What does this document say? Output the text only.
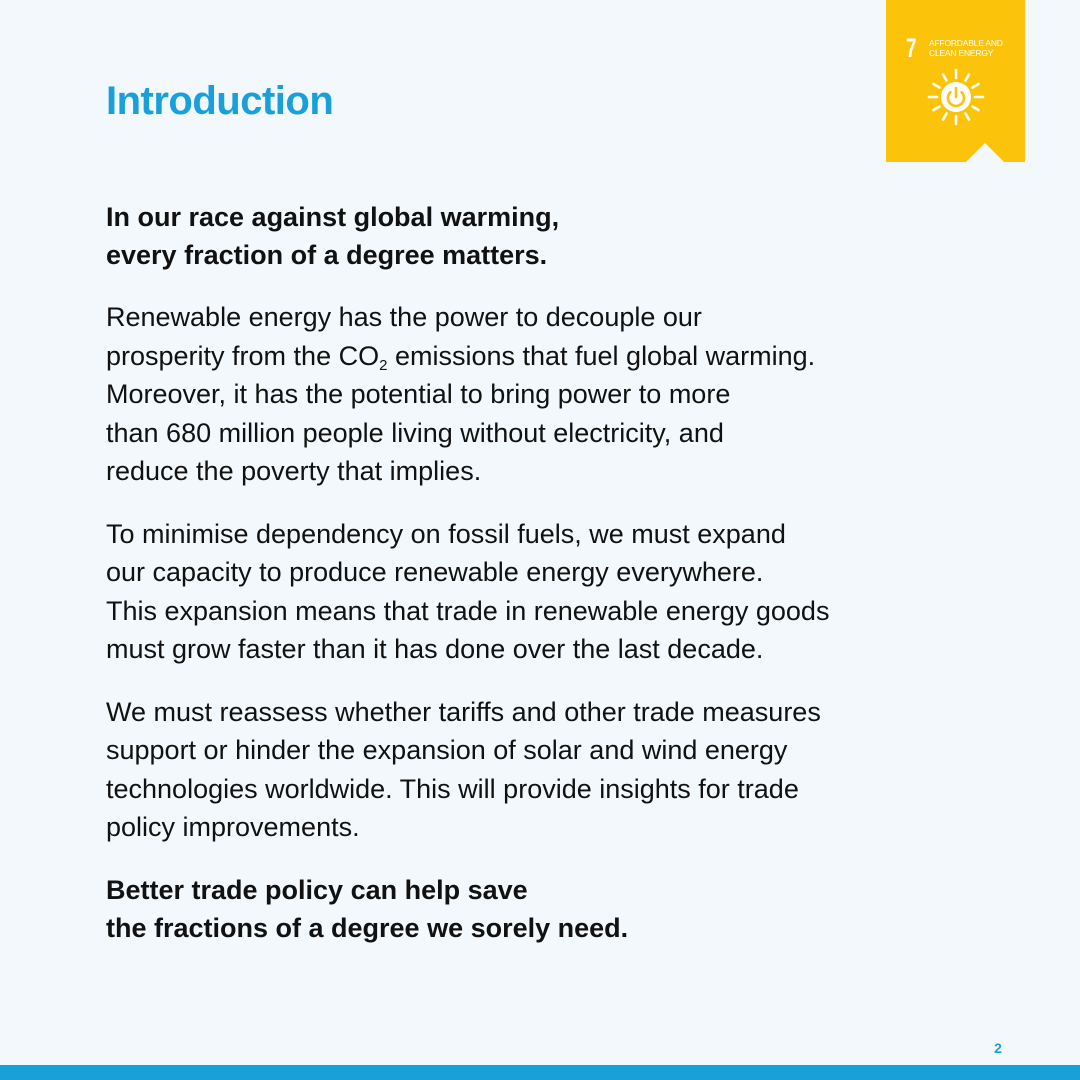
Introduction
7 AFFORDABLE AND
CLEAN ENERGY

In our race against global warming,
every fraction of a degree matters.

Renewable energy has the power to decouple our
prosperity from the $CO_2$ emissions that fuel global warming.
Moreover, it has the potential to bring power to more
than 680 million people living without electricity, and
reduce the poverty that implies.

To minimise dependency on fossil fuels, we must expand
our capacity to produce renewable energy everywhere.
This expansion means that trade in renewable energy goods
must grow faster than it has done over the last decade.

We must reassess whether tariffs and other trade measures
support or hinder the expansion of solar and wind energy
technologies worldwide. This will provide insights for trade
policy improvements.

Better trade policy can help save
the fractions of a degree we sorely need.

2
